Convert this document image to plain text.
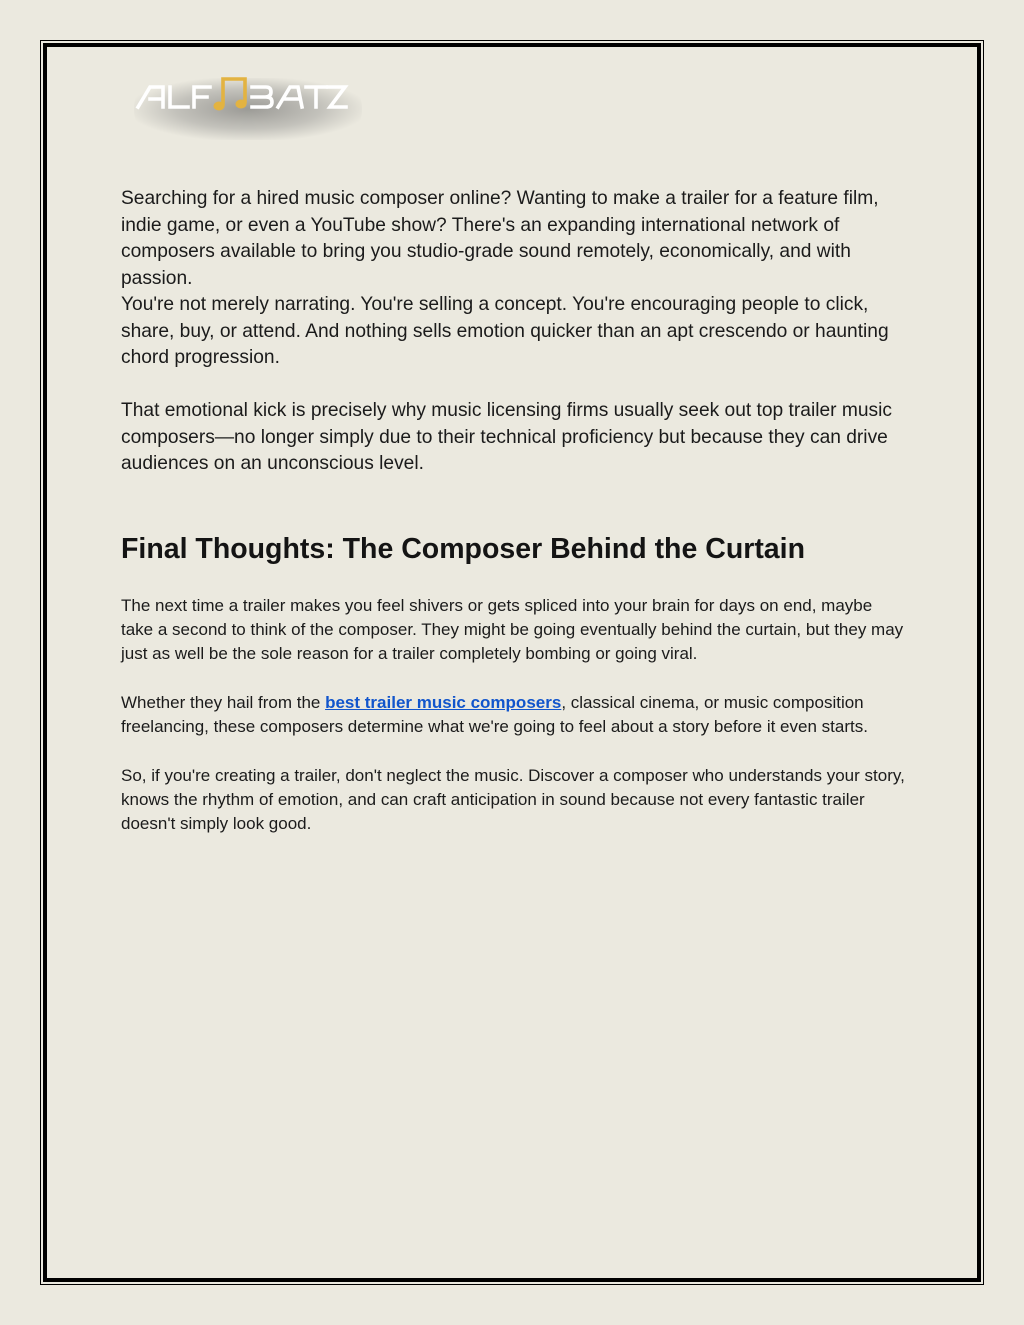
Searching for a hired music composer online? Wanting to make a trailer for a feature film, indie game, or even a YouTube show? There's an expanding international network of composers available to bring you studio-grade sound remotely, economically, and with passion.

You're not merely narrating. You're selling a concept. You're encouraging people to click, share, buy, or attend. And nothing sells emotion quicker than an apt crescendo or haunting chord progression.

That emotional kick is precisely why music licensing firms usually seek out top trailer music composers—no longer simply due to their technical proficiency but because they can drive audiences on an unconscious level.

Final Thoughts: The Composer Behind the Curtain

The next time a trailer makes you feel shivers or gets spliced into your brain for days on end, maybe take a second to think of the composer. They might be going eventually behind the curtain, but they may just as well be the sole reason for a trailer completely bombing or going viral.

Whether they hail from the best trailer music composers, classical cinema, or music composition freelancing, these composers determine what we're going to feel about a story before it even starts.

So, if you're creating a trailer, don't neglect the music. Discover a composer who understands your story, knows the rhythm of emotion, and can craft anticipation in sound because not every fantastic trailer doesn't simply look good.
